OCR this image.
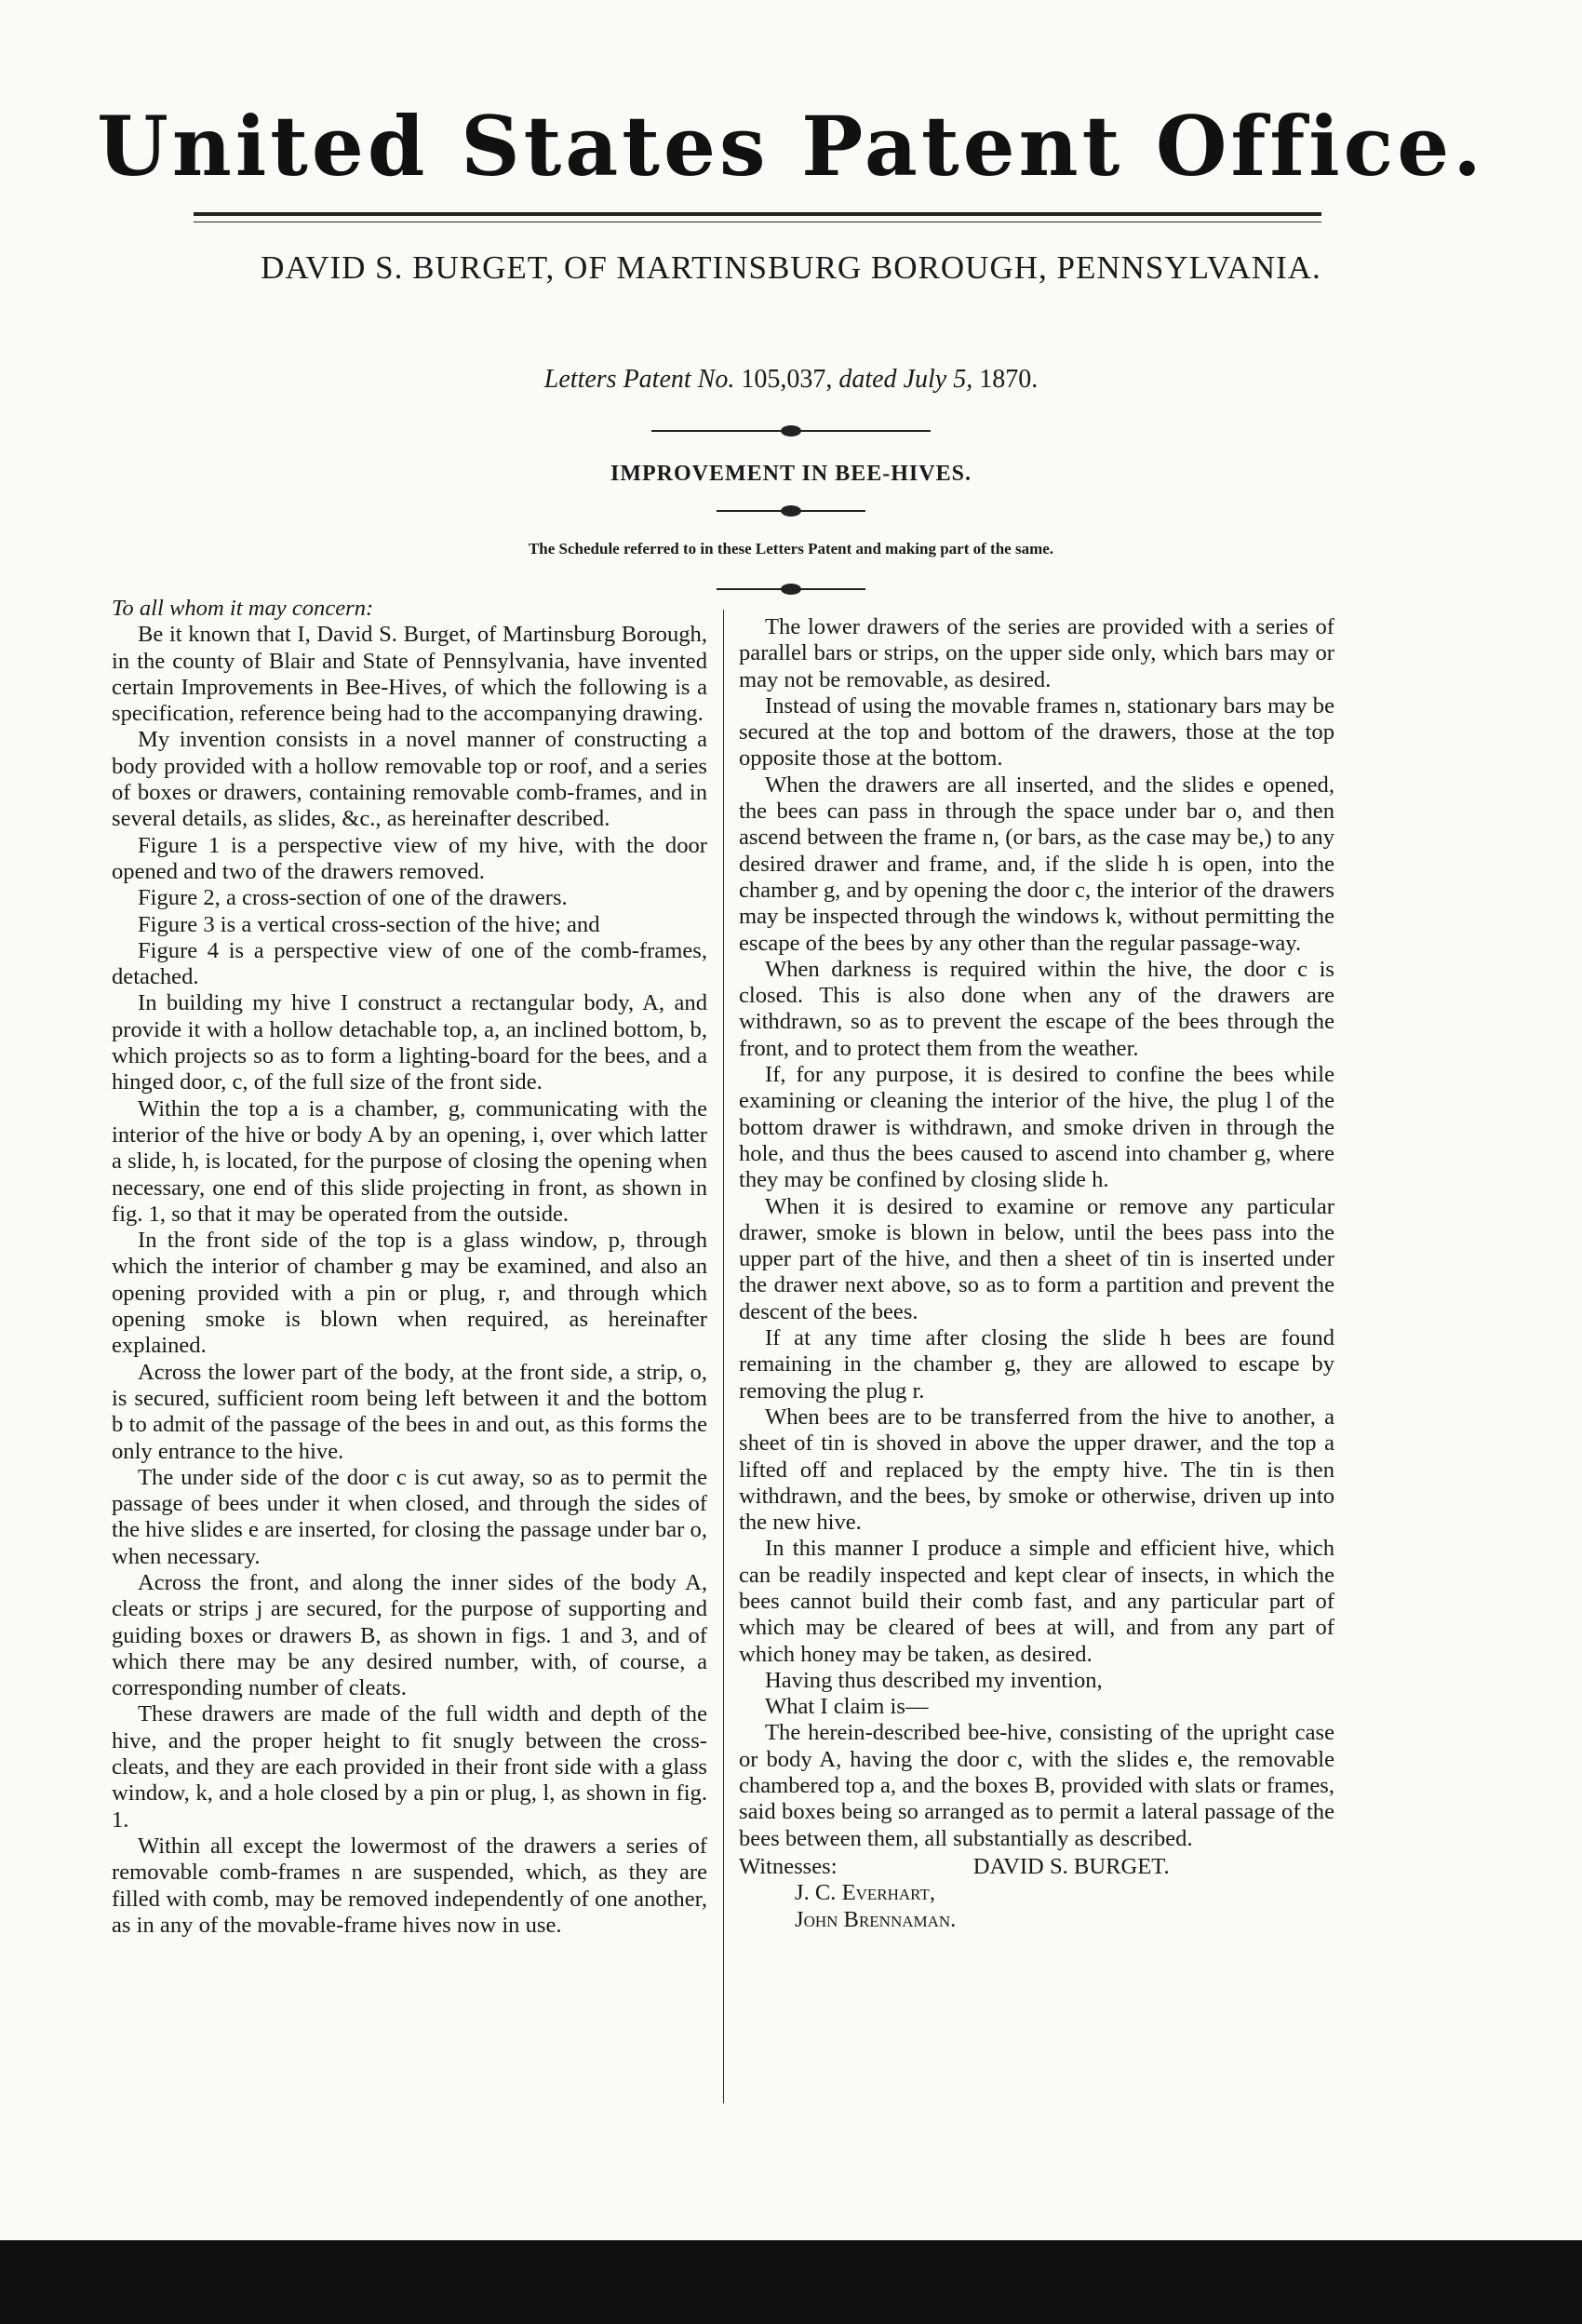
United States Patent Office.
DAVID S. BURGET, OF MARTINSBURG BOROUGH, PENNSYLVANIA.
Letters Patent No. 105,037, dated July 5, 1870.
IMPROVEMENT IN BEE-HIVES.
The Schedule referred to in these Letters Patent and making part of the same.

To all whom it may concern:

Be it known that I, David S. Burget, of Martinsburg Borough, in the county of Blair and State of Pennsylvania, have invented certain Improvements in Bee-Hives, of which the following is a specification, reference being had to the accompanying drawing.

My invention consists in a novel manner of constructing a body provided with a hollow removable top or roof, and a series of boxes or drawers, containing removable comb-frames, and in several details, as slides, &c., as hereinafter described.

Figure 1 is a perspective view of my hive, with the door opened and two of the drawers removed.

Figure 2, a cross-section of one of the drawers.

Figure 3 is a vertical cross-section of the hive; and

Figure 4 is a perspective view of one of the comb-frames, detached.

In building my hive I construct a rectangular body, A, and provide it with a hollow detachable top, a, an inclined bottom, b, which projects so as to form a lighting-board for the bees, and a hinged door, c, of the full size of the front side.

Within the top a is a chamber, g, communicating with the interior of the hive or body A by an opening, i, over which latter a slide, h, is located, for the purpose of closing the opening when necessary, one end of this slide projecting in front, as shown in fig. 1, so that it may be operated from the outside.

In the front side of the top is a glass window, p, through which the interior of chamber g may be examined, and also an opening provided with a pin or plug, r, and through which opening smoke is blown when required, as hereinafter explained.

Across the lower part of the body, at the front side, a strip, o, is secured, sufficient room being left between it and the bottom b to admit of the passage of the bees in and out, as this forms the only entrance to the hive.

The under side of the door c is cut away, so as to permit the passage of bees under it when closed, and through the sides of the hive slides e are inserted, for closing the passage under bar o, when necessary.

Across the front, and along the inner sides of the body A, cleats or strips j are secured, for the purpose of supporting and guiding boxes or drawers B, as shown in figs. 1 and 3, and of which there may be any desired number, with, of course, a corresponding number of cleats.

These drawers are made of the full width and depth of the hive, and the proper height to fit snugly between the cross-cleats, and they are each provided in their front side with a glass window, k, and a hole closed by a pin or plug, l, as shown in fig. 1.

Within all except the lowermost of the drawers a series of removable comb-frames n are suspended, which, as they are filled with comb, may be removed independently of one another, as in any of the movable-frame hives now in use.

The lower drawers of the series are provided with a series of parallel bars or strips, on the upper side only, which bars may or may not be removable, as desired.

Instead of using the movable frames n, stationary bars may be secured at the top and bottom of the drawers, those at the top opposite those at the bottom.

When the drawers are all inserted, and the slides e opened, the bees can pass in through the space under bar o, and then ascend between the frame n, (or bars, as the case may be,) to any desired drawer and frame, and, if the slide h is open, into the chamber g, and by opening the door c, the interior of the drawers may be inspected through the windows k, without permitting the escape of the bees by any other than the regular passage-way.

When darkness is required within the hive, the door c is closed. This is also done when any of the drawers are withdrawn, so as to prevent the escape of the bees through the front, and to protect them from the weather.

If, for any purpose, it is desired to confine the bees while examining or cleaning the interior of the hive, the plug l of the bottom drawer is withdrawn, and smoke driven in through the hole, and thus the bees caused to ascend into chamber g, where they may be confined by closing slide h.

When it is desired to examine or remove any particular drawer, smoke is blown in below, until the bees pass into the upper part of the hive, and then a sheet of tin is inserted under the drawer next above, so as to form a partition and prevent the descent of the bees.

If at any time after closing the slide h bees are found remaining in the chamber g, they are allowed to escape by removing the plug r.

When bees are to be transferred from the hive to another, a sheet of tin is shoved in above the upper drawer, and the top a lifted off and replaced by the empty hive. The tin is then withdrawn, and the bees, by smoke or otherwise, driven up into the new hive.

In this manner I produce a simple and efficient hive, which can be readily inspected and kept clear of insects, in which the bees cannot build their comb fast, and any particular part of which may be cleared of bees at will, and from any part of which honey may be taken, as desired.

Having thus described my invention,

What I claim is—

The herein-described bee-hive, consisting of the upright case or body A, having the door c, with the slides e, the removable chambered top a, and the boxes B, provided with slats or frames, said boxes being so arranged as to permit a lateral passage of the bees between them, all substantially as described.

Witnesses:	DAVID S. BURGET.

J. C. Everhart,

John Brennaman.
